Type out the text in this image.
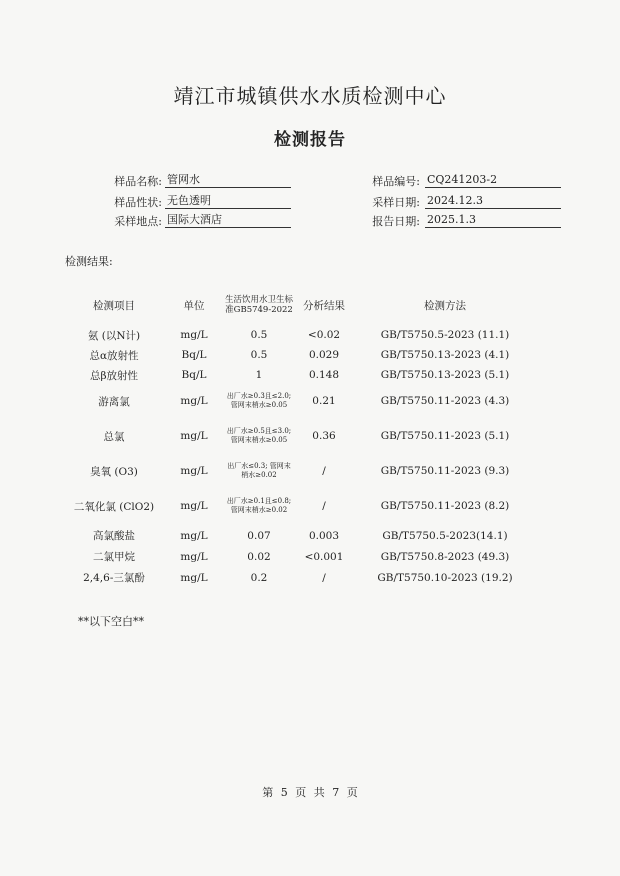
靖江市城镇供水水质检测中心
检测报告
样品名称: 管网水
样品性状: 无色透明
采样地点: 国际大酒店
样品编号: CQ241203-2
采样日期: 2024.12.3
报告日期: 2025.1.3
检测结果:
检测项目	单位	生活饮用水卫生标准GB5749-2022	分析结果	检测方法
氨 (以N计)	mg/L	0.5	<0.02	GB/T5750.5-2023 (11.1)
总α放射性	Bq/L	0.5	0.029	GB/T5750.13-2023 (4.1)
总β放射性	Bq/L	1	0.148	GB/T5750.13-2023 (5.1)
游离氯	mg/L	出厂水≥0.3且≤2.0; 管网末梢水≥0.05	0.21	GB/T5750.11-2023 (4.3)
总氯	mg/L	出厂水≥0.5且≤3.0; 管网末梢水≥0.05	0.36	GB/T5750.11-2023 (5.1)
臭氧 (O3)	mg/L	出厂水≤0.3; 管网末梢水≥0.02	/	GB/T5750.11-2023 (9.3)
二氧化氯 (ClO2)	mg/L	出厂水≥0.1且≤0.8; 管网末梢水≥0.02	/	GB/T5750.11-2023 (8.2)
高氯酸盐	mg/L	0.07	0.003	GB/T5750.5-2023(14.1)
二氯甲烷	mg/L	0.02	<0.001	GB/T5750.8-2023 (49.3)
2,4,6-三氯酚	mg/L	0.2	/	GB/T5750.10-2023 (19.2)
**以下空白**
第 5 页 共 7 页
